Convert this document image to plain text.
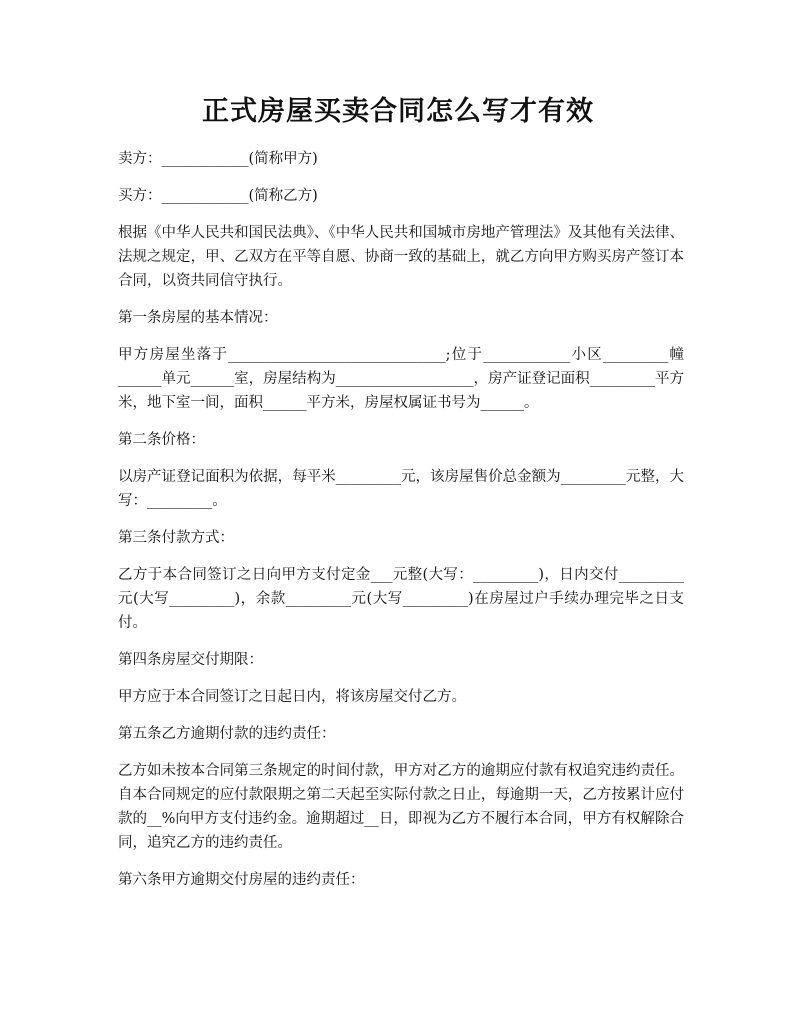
正式房屋买卖合同怎么写才有效

卖方：____________(简称甲方)

买方：____________(简称乙方)

根据《中华人民共和国民法典》、《中华人民共和国城市房地产管理法》及其他有关法律、法规之规定，甲、乙双方在平等自愿、协商一致的基础上，就乙方向甲方购买房产签订本合同，以资共同信守执行。

第一条房屋的基本情况：

甲方房屋坐落于______________________________;位于____________小区_________幢______单元______室，房屋结构为___________________，房产证登记面积_________平方米，地下室一间，面积______平方米，房屋权属证书号为______。

第二条价格：

以房产证登记面积为依据，每平米_________元，该房屋售价总金额为_________元整，大写：_________。

第三条付款方式：

乙方于本合同签订之日向甲方支付定金___元整(大写：_________)，日内交付_________元(大写_________)，余款_________元(大写_________)在房屋过户手续办理完毕之日支付。

第四条房屋交付期限：

甲方应于本合同签订之日起日内，将该房屋交付乙方。

第五条乙方逾期付款的违约责任：

乙方如未按本合同第三条规定的时间付款，甲方对乙方的逾期应付款有权追究违约责任。自本合同规定的应付款限期之第二天起至实际付款之日止，每逾期一天，乙方按累计应付款的__%向甲方支付违约金。逾期超过__日，即视为乙方不履行本合同，甲方有权解除合同，追究乙方的违约责任。

第六条甲方逾期交付房屋的违约责任：
